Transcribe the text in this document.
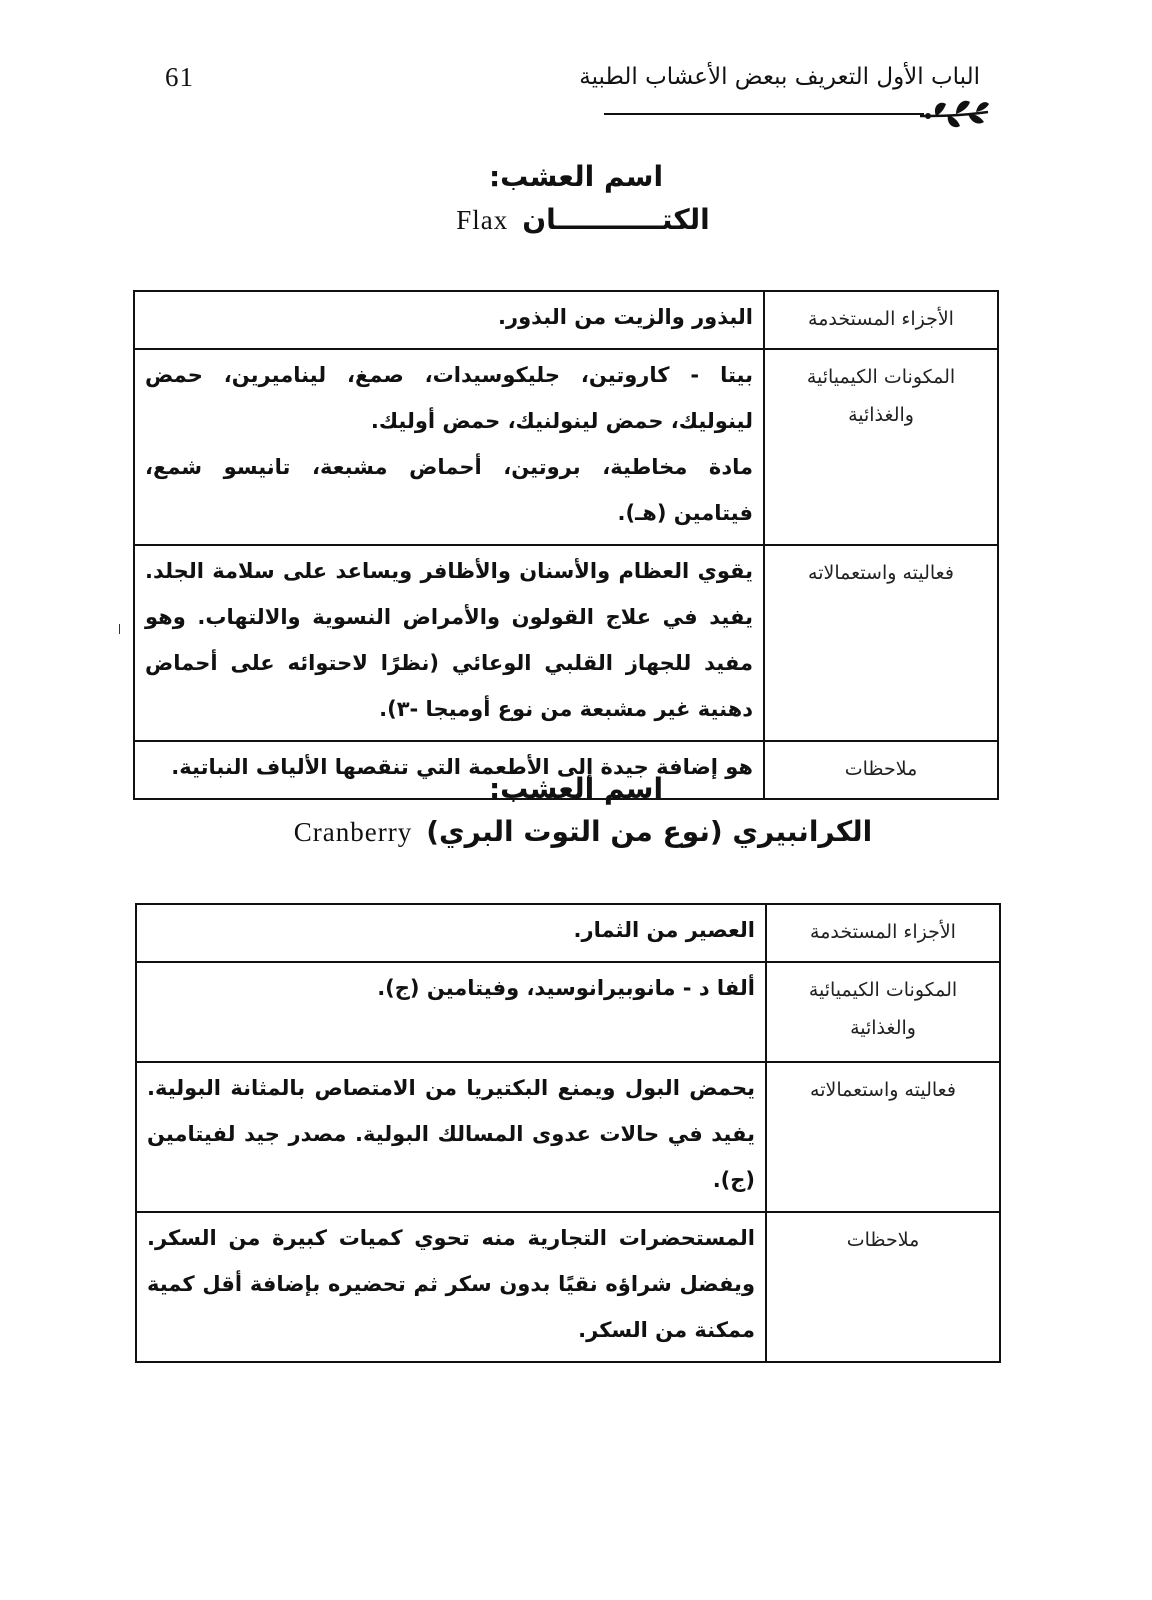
61	الباب الأول التعريف ببعض الأعشاب الطبية
اسم العشب:
Flax الكتـــــــــــان
الأجزاء المستخدمة	البذور والزيت من البذور.

المكونات الكيميائية والغذائية	بيتا - كاروتين، جليكوسيدات، صمغ، ليناميرين، حمض لينوليك، حمض لينولنيك، حمض أوليك.
مادة مخاطية، بروتين، أحماض مشبعة، تانيسو شمع، فيتامين (هـ).

فعاليته واستعمالاته	يقوي العظام والأسنان والأظافر ويساعد على سلامة الجلد. يفيد في علاج القولون والأمراض النسوية والالتهاب. وهو مفيد للجهاز القلبي الوعائي (نظرًا لاحتوائه على أحماض دهنية غير مشبعة من نوع أوميجا -٣).

ملاحظات	هو إضافة جيدة إلى الأطعمة التي تنقصها الألياف النباتية.
اسم العشب:
Cranberry الكرانبيري (نوع من التوت البري)
الأجزاء المستخدمة	العصير من الثمار.

المكونات الكيميائية والغذائية	ألفا د - مانوبيرانوسيد، وفيتامين (ج).

فعاليته واستعمالاته	يحمض البول ويمنع البكتيريا من الامتصاص بالمثانة البولية. يفيد في حالات عدوى المسالك البولية. مصدر جيد لفيتامين (ج).

ملاحظات	المستحضرات التجارية منه تحوي كميات كبيرة من السكر. ويفضل شراؤه نقيًا بدون سكر ثم تحضيره بإضافة أقل كمية ممكنة من السكر.
